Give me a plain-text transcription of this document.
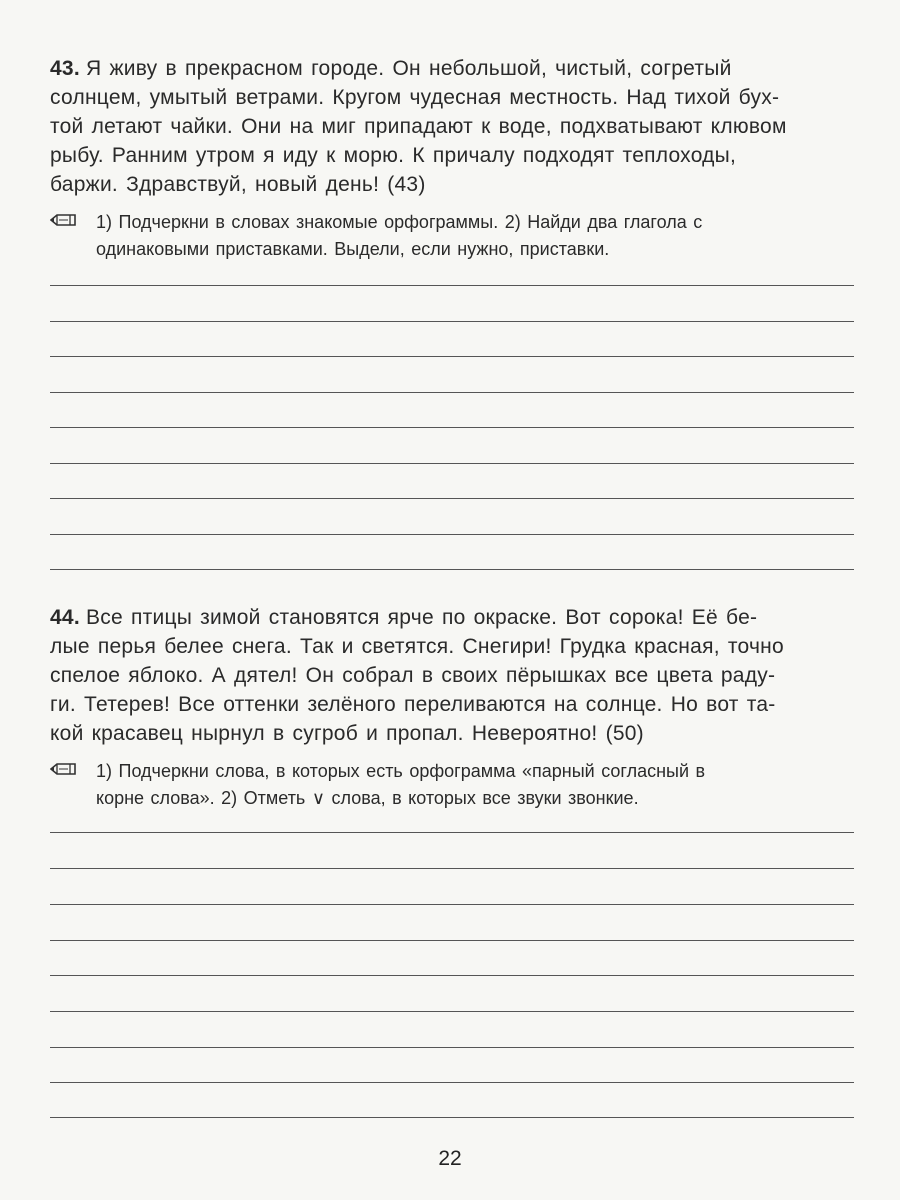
43. Я живу в прекрасном городе. Он небольшой, чистый, согретый
солнцем, умытый ветрами. Кругом чудесная местность. Над тихой бух-
той летают чайки. Они на миг припадают к воде, подхватывают клювом
рыбу. Ранним утром я иду к морю. К причалу подходят теплоходы,
баржи. Здравствуй, новый день! (43)
1) Подчеркни в словах знакомые орфограммы. 2) Найди два глагола с
одинаковыми приставками. Выдели, если нужно, приставки.
44. Все птицы зимой становятся ярче по окраске. Вот сорока! Её бе-
лые перья белее снега. Так и светятся. Снегири! Грудка красная, точно
спелое яблоко. А дятел! Он собрал в своих пёрышках все цвета раду-
ги. Тетерев! Все оттенки зелёного переливаются на солнце. Но вот та-
кой красавец нырнул в сугроб и пропал. Невероятно! (50)
1) Подчеркни слова, в которых есть орфограмма «парный согласный в
корне слова». 2) Отметь ∨ слова, в которых все звуки звонкие.
22
